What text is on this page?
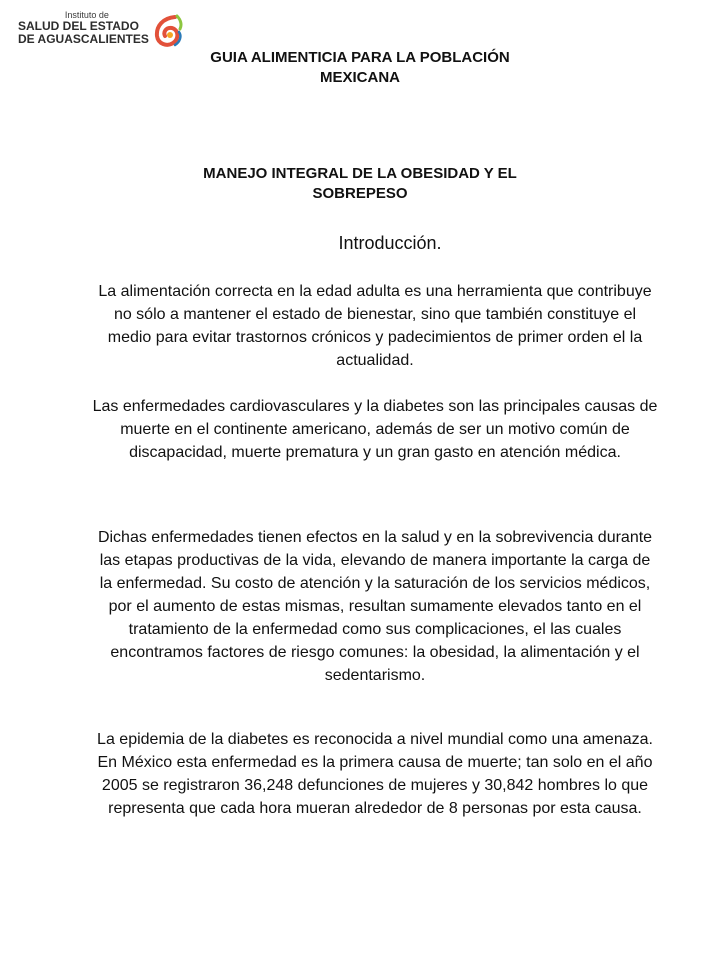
Instituto de
SALUD DEL ESTADO
DE AGUASCALIENTES
GUIA ALIMENTICIA PARA LA POBLACIÓN
MEXICANA
MANEJO INTEGRAL DE LA OBESIDAD Y EL
SOBREPESO
Introducción.

La alimentación correcta en la edad adulta es una herramienta que contribuye no sólo a mantener el estado de bienestar, sino que también constituye el medio para evitar trastornos crónicos y padecimientos de primer orden el la actualidad.

Las enfermedades cardiovasculares y la diabetes son las principales causas de muerte en el continente americano, además de ser un motivo común de discapacidad, muerte prematura y un gran gasto en atención médica.

Dichas enfermedades tienen efectos en la salud y en la sobrevivencia durante las etapas productivas de la vida, elevando de manera importante la carga de la enfermedad. Su costo de atención y la saturación de los servicios médicos, por el aumento de estas mismas, resultan sumamente elevados tanto en el tratamiento de la enfermedad como sus complicaciones, el las cuales encontramos factores de riesgo comunes: la obesidad, la alimentación y el sedentarismo.

La epidemia de la diabetes es reconocida a nivel mundial como una amenaza. En México esta enfermedad es la primera causa de muerte; tan solo en el año 2005 se registraron 36,248 defunciones de mujeres y 30,842 hombres lo que representa que cada hora mueran alrededor de 8 personas por esta causa.
